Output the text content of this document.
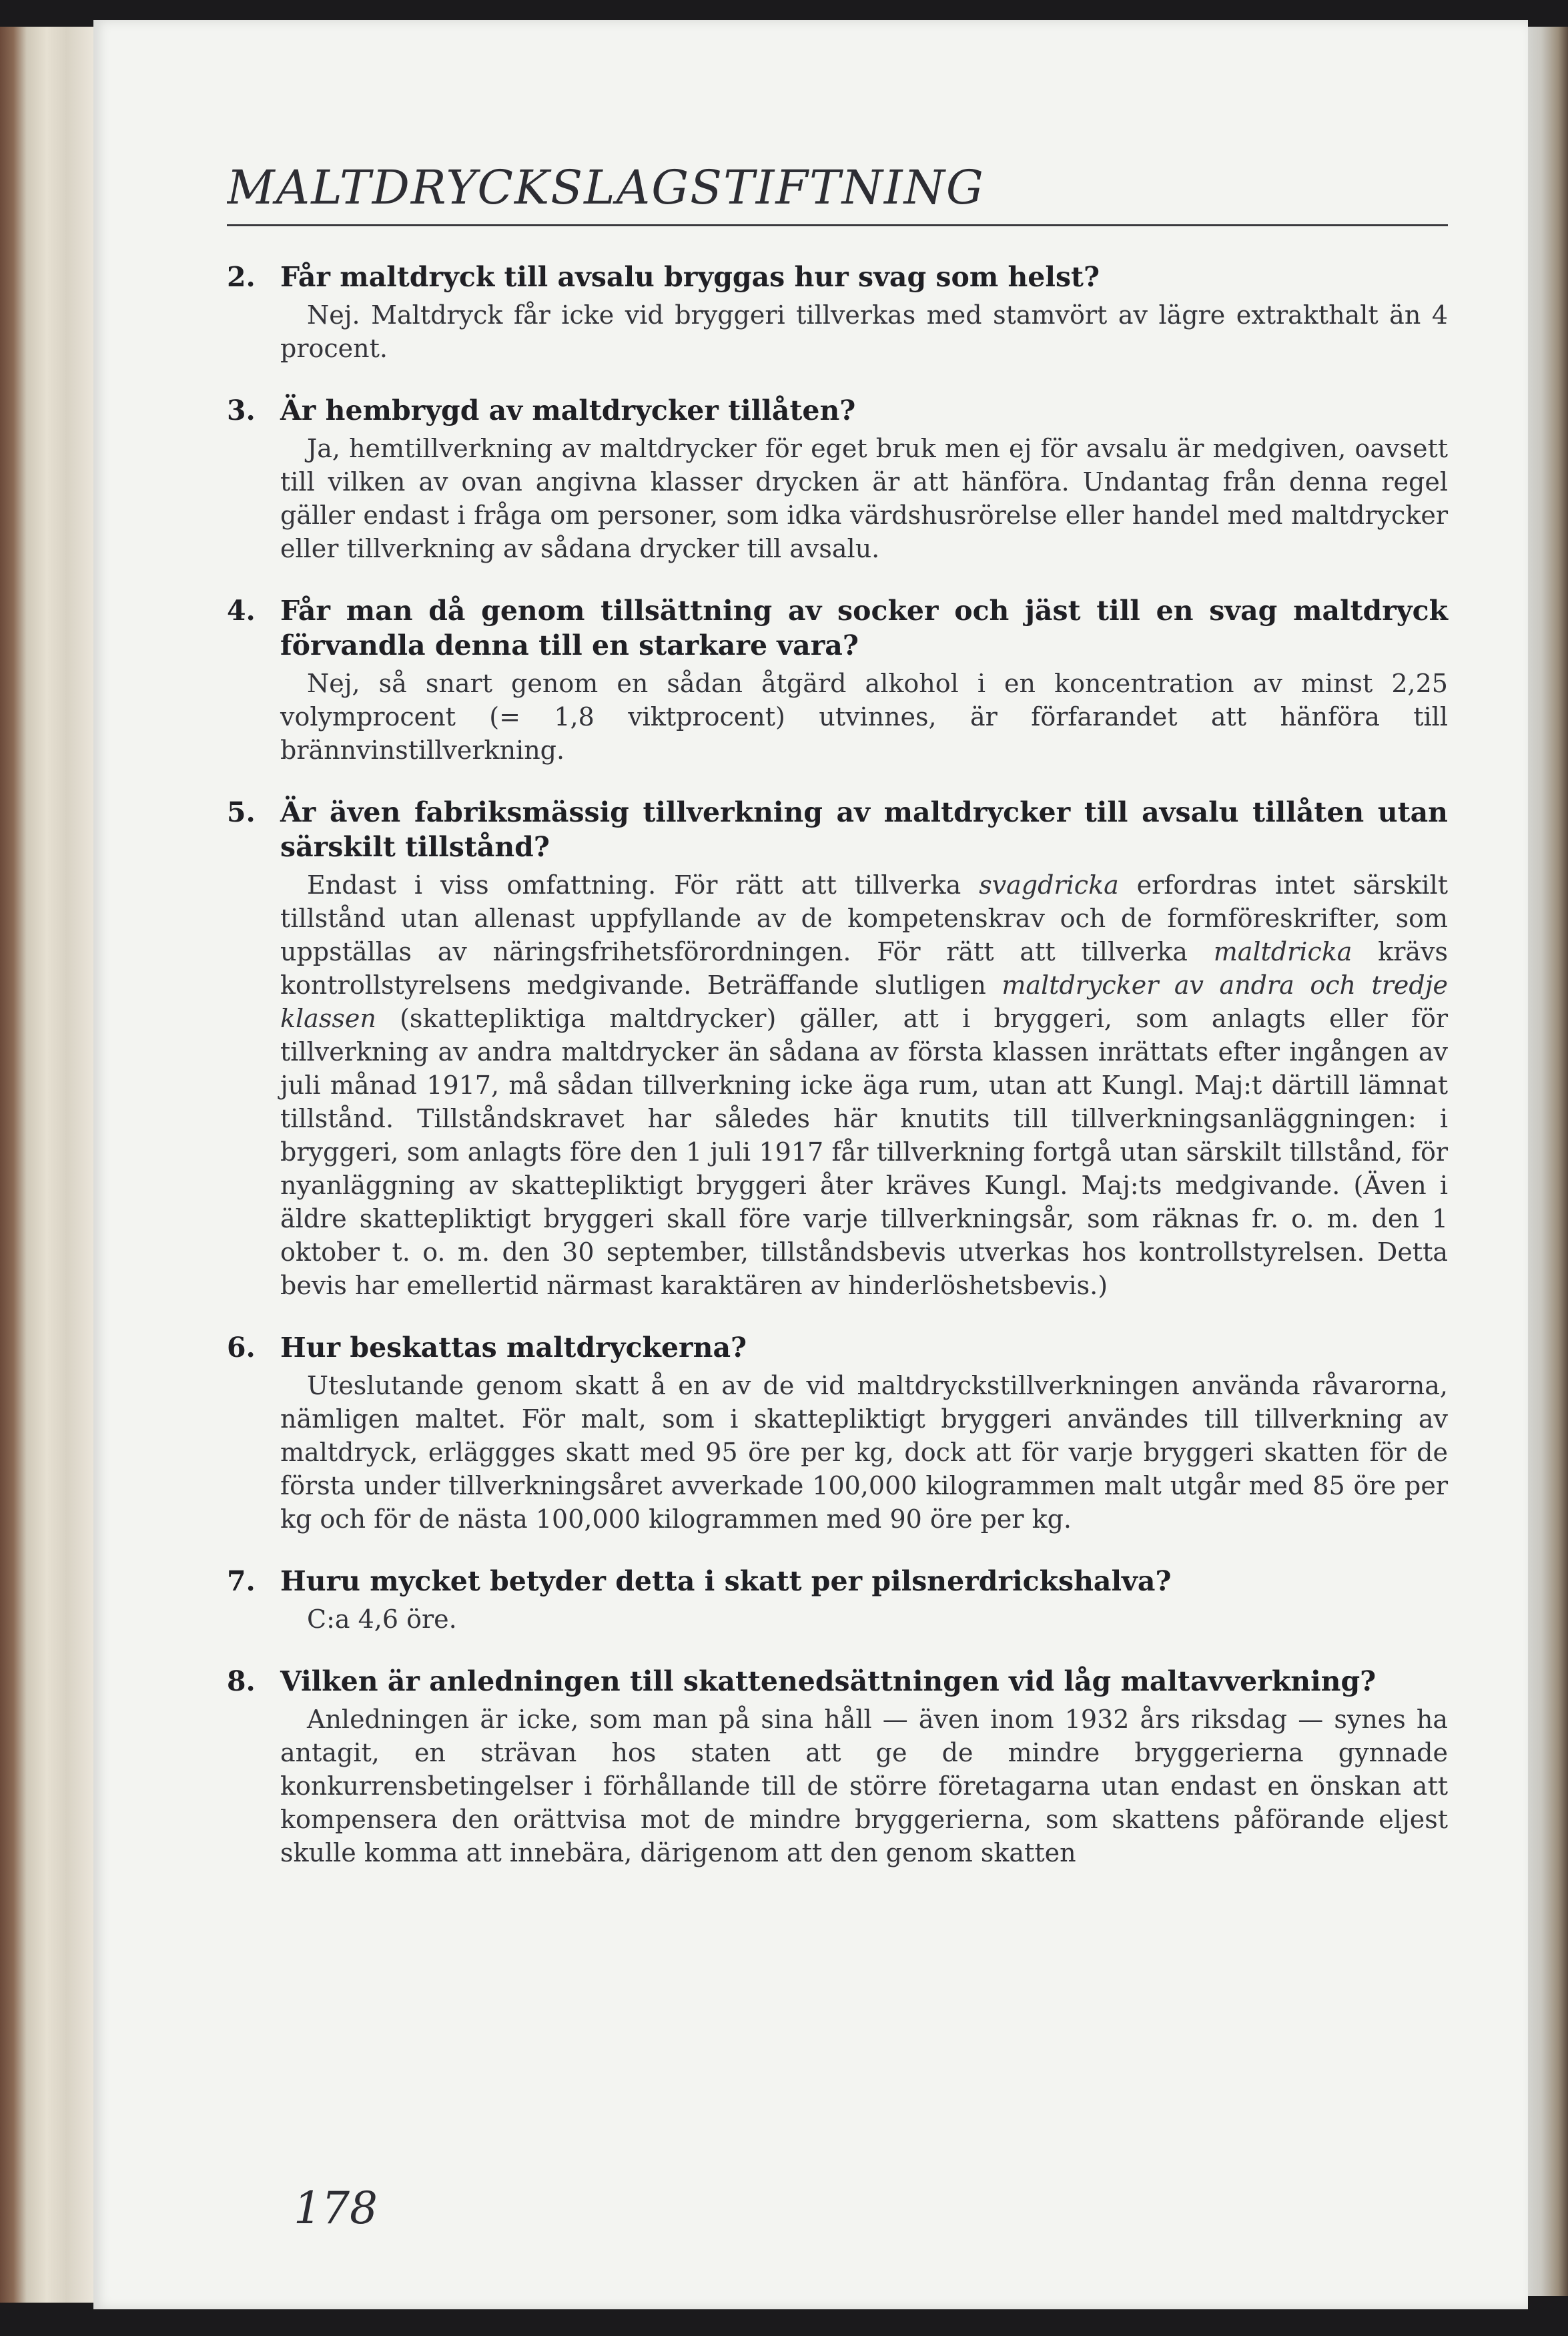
MALTDRYCKSLAGSTIFTNING
2. Får maltdryck till avsalu bryggas hur svag som helst?
Nej. Maltdryck får icke vid bryggeri tillverkas med stamvört av lägre extrakthalt än 4 procent.
3. Är hembrygd av maltdrycker tillåten?
Ja, hemtillverkning av maltdrycker för eget bruk men ej för avsalu är medgiven, oavsett till vilken av ovan angivna klasser drycken är att hänföra. Undantag från denna regel gäller endast i fråga om personer, som idka värdshusrörelse eller handel med maltdrycker eller tillverkning av sådana drycker till avsalu.
4. Får man då genom tillsättning av socker och jäst till en svag maltdryck förvandla denna till en starkare vara?
Nej, så snart genom en sådan åtgärd alkohol i en koncentration av minst 2,25 volymprocent (= 1,8 viktprocent) utvinnes, är förfarandet att hänföra till brännvinstillverkning.
5. Är även fabriksmässig tillverkning av maltdrycker till avsalu tillåten utan särskilt tillstånd?
Endast i viss omfattning. För rätt att tillverka svagdricka erfordras intet särskilt tillstånd utan allenast uppfyllande av de kompetenskrav och de formföreskrifter, som uppställas av näringsfrihetsförordningen. För rätt att tillverka maltdricka krävs kontrollstyrelsens medgivande. Beträffande slutligen maltdrycker av andra och tredje klassen (skattepliktiga maltdrycker) gäller, att i bryggeri, som anlagts eller för tillverkning av andra maltdrycker än sådana av första klassen inrättats efter ingången av juli månad 1917, må sådan tillverkning icke äga rum, utan att Kungl. Maj:t därtill lämnat tillstånd. Tillståndskravet har således här knutits till tillverkningsanläggningen: i bryggeri, som anlagts före den 1 juli 1917 får tillverkning fortgå utan särskilt tillstånd, för nyanläggning av skattepliktigt bryggeri åter kräves Kungl. Maj:ts medgivande. (Även i äldre skattepliktigt bryggeri skall före varje tillverkningsår, som räknas fr. o. m. den 1 oktober t. o. m. den 30 september, tillståndsbevis utverkas hos kontrollstyrelsen. Detta bevis har emellertid närmast karaktären av hinderlöshetsbevis.)
6. Hur beskattas maltdryckerna?
Uteslutande genom skatt å en av de vid maltdryckstillverkningen använda råvarorna, nämligen maltet. För malt, som i skattepliktigt bryggeri användes till tillverkning av maltdryck, erläggges skatt med 95 öre per kg, dock att för varje bryggeri skatten för de första under tillverkningsåret avverkade 100,000 kilogrammen malt utgår med 85 öre per kg och för de nästa 100,000 kilogrammen med 90 öre per kg.
7. Huru mycket betyder detta i skatt per pilsnerdrickshalva?
C:a 4,6 öre.
8. Vilken är anledningen till skattenedsättningen vid låg maltavverkning?
Anledningen är icke, som man på sina håll — även inom 1932 års riksdag — synes ha antagit, en strävan hos staten att ge de mindre bryggerierna gynnade konkurrensbetingelser i förhållande till de större företagarna utan endast en önskan att kompensera den orättvisa mot de mindre bryggerierna, som skattens påförande eljest skulle komma att innebära, därigenom att den genom skatten
178
